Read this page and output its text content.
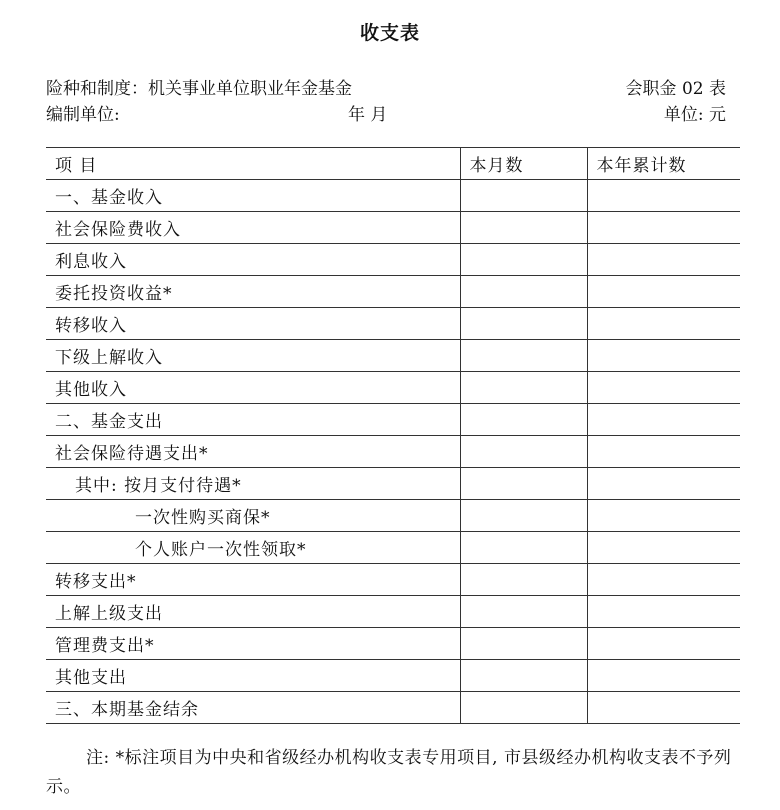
收支表
险种和制度：机关事业单位职业年金基金	会职金 02 表
编制单位:	年 月	单位: 元
项 目	本月数	本年累计数
一、基金收入		
社会保险费收入		
利息收入		
委托投资收益*		
转移收入		
下级上解收入		
其他收入		
二、基金支出		
社会保险待遇支出*		
其中: 按月支付待遇*		
一次性购买商保*		
个人账户一次性领取*		
转移支出*		
上解上级支出		
管理费支出*		
其他支出		
三、本期基金结余		
注: *标注项目为中央和省级经办机构收支表专用项目, 市县级经办机构收支表不予列示。
